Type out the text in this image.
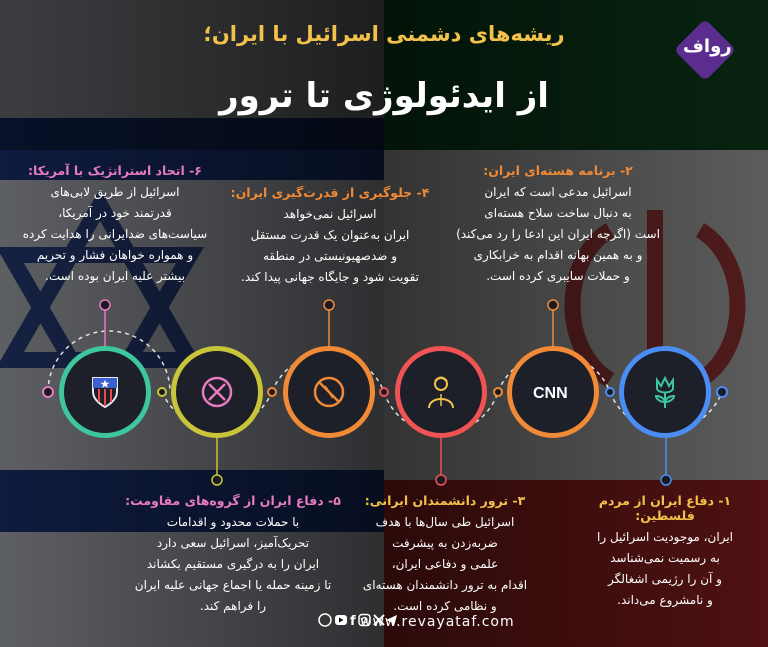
ریشه‌های دشمنی اسرائیل با ایران؛
از ایدئولوژی تا ترور
رواف
۶- اتحاد استراتژیک با آمریکا:
اسرائیل از طریق لابی‌های
قدرتمند خود در آمریکا،
سیاست‌های ضدایرانی را هدایت کرده
و همواره خواهان فشار و تحریم
بیشتر علیه ایران بوده است.
۴- جلوگیری از قدرت‌گیری ایران:
اسرائیل نمی‌خواهد
ایران به‌عنوان یک قدرت مستقل
و ضدصهیونیستی در منطقه
تقویت شود و جایگاه جهانی پیدا کند.
۲- برنامه هسته‌ای ایران:
اسرائیل مدعی است که ایران
به دنبال ساخت سلاح هسته‌ای
است (اگرچه ایران این ادعا را رد می‌کند)
و به همین بهانه اقدام به خرابکاری
و حملات سایبری کرده است.
۵- دفاع ایران از گروه‌های مقاومت:
با حملات محدود و اقدامات
تحریک‌آمیز، اسرائیل سعی دارد
ایران را به درگیری مستقیم بکشاند
تا زمینه حمله یا اجماع جهانی علیه ایران
را فراهم کند.
۳- ترور دانشمندان ایرانی:
اسرائیل طی سال‌ها با هدف
ضربه‌زدن به پیشرفت
علمی و دفاعی ایران،
اقدام به ترور دانشمندان هسته‌ای
و نظامی کرده است.
۱- دفاع ایران از مردم فلسطین:
ایران، موجودیت اسرائیل را
به رسمیت نمی‌شناسد
و آن را رژیمی اشغالگر
و نامشروع می‌داند.
CNN
f www.revayataf.com
